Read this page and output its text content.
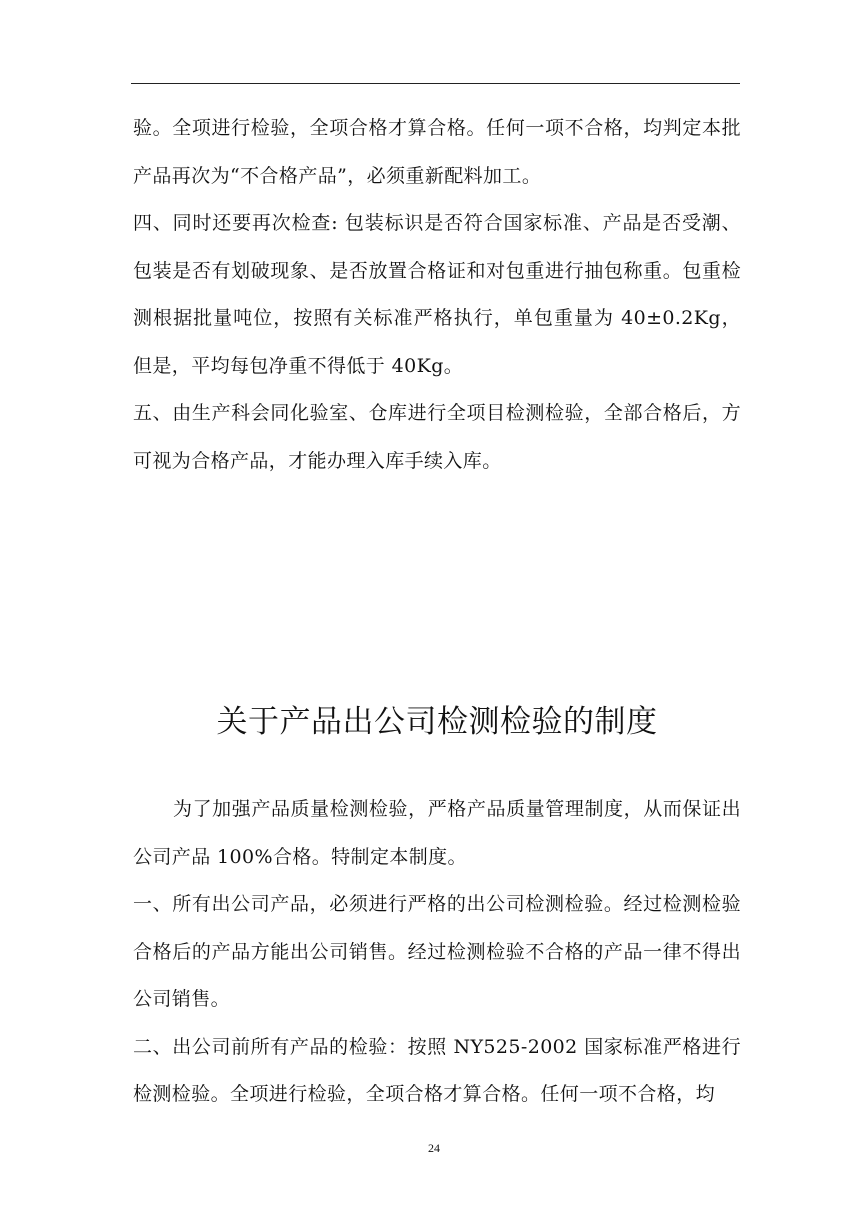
验。全项进行检验，全项合格才算合格。任何一项不合格，均判定本批产品再次为“不合格产品”，必须重新配料加工。

四、同时还要再次检查: 包装标识是否符合国家标准、产品是否受潮、包装是否有划破现象、是否放置合格证和对包重进行抽包称重。包重检测根据批量吨位，按照有关标准严格执行，单包重量为 40±0.2Kg，但是，平均每包净重不得低于 40Kg。

五、由生产科会同化验室、仓库进行全项目检测检验，全部合格后，方可视为合格产品，才能办理入库手续入库。

关于产品出公司检测检验的制度

为了加强产品质量检测检验，严格产品质量管理制度，从而保证出公司产品 100%合格。特制定本制度。

一、所有出公司产品，必须进行严格的出公司检测检验。经过检测检验合格后的产品方能出公司销售。经过检测检验不合格的产品一律不得出公司销售。

二、出公司前所有产品的检验：按照 NY525-2002 国家标准严格进行检测检验。全项进行检验，全项合格才算合格。任何一项不合格，均

24
